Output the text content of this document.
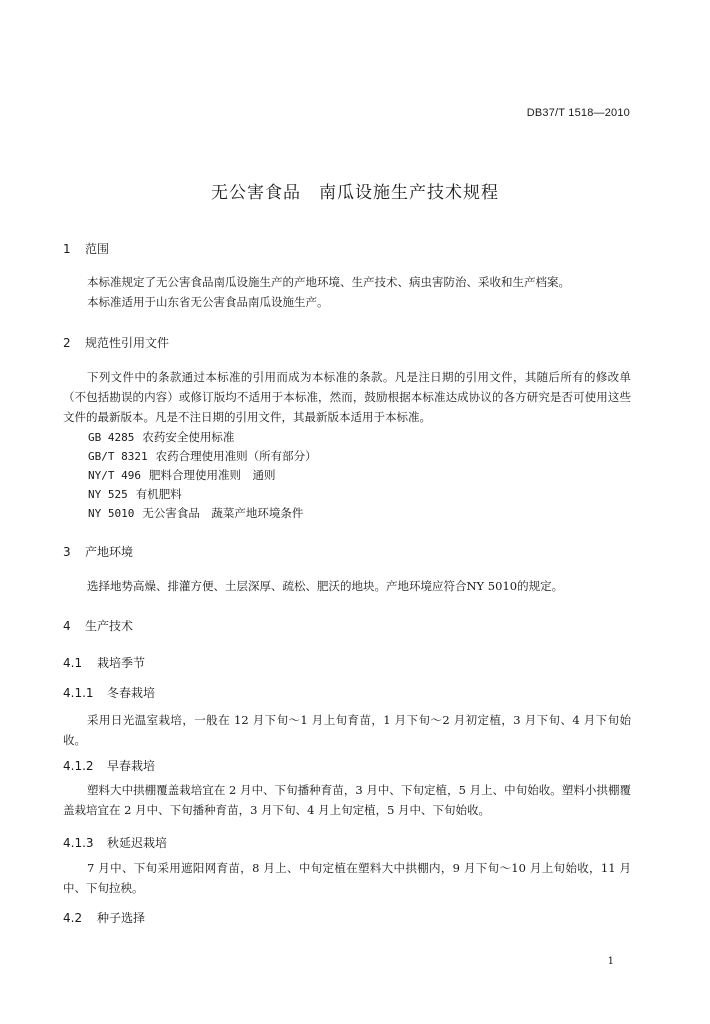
DB37/T 1518—2010
无公害食品　南瓜设施生产技术规程
1 范围
本标准规定了无公害食品南瓜设施生产的产地环境、生产技术、病虫害防治、采收和生产档案。
本标准适用于山东省无公害食品南瓜设施生产。
2 规范性引用文件
下列文件中的条款通过本标准的引用而成为本标准的条款。凡是注日期的引用文件，其随后所有的修改单（不包括勘误的内容）或修订版均不适用于本标准，然而，鼓励根据本标准达成协议的各方研究是否可使用这些文件的最新版本。凡是不注日期的引用文件，其最新版本适用于本标准。
GB 4285 农药安全使用标准
GB/T 8321 农药合理使用准则（所有部分）
NY/T 496 肥料合理使用准则　通则
NY 525 有机肥料
NY 5010 无公害食品　蔬菜产地环境条件
3 产地环境
选择地势高燥、排灌方便、土层深厚、疏松、肥沃的地块。产地环境应符合NY 5010的规定。
4 生产技术
4.1 栽培季节
4.1.1 冬春栽培
采用日光温室栽培，一般在 12 月下旬～1 月上旬育苗，1 月下旬～2 月初定植，3 月下旬、4 月下旬始收。
4.1.2 早春栽培
塑料大中拱棚覆盖栽培宜在 2 月中、下旬播种育苗，3 月中、下旬定植，5 月上、中旬始收。塑料小拱棚覆盖栽培宜在 2 月中、下旬播种育苗，3 月下旬、4 月上旬定植，5 月中、下旬始收。
4.1.3 秋延迟栽培
7 月中、下旬采用遮阳网育苗，8 月上、中旬定植在塑料大中拱棚内，9 月下旬～10 月上旬始收，11 月中、下旬拉秧。
4.2 种子选择
1
